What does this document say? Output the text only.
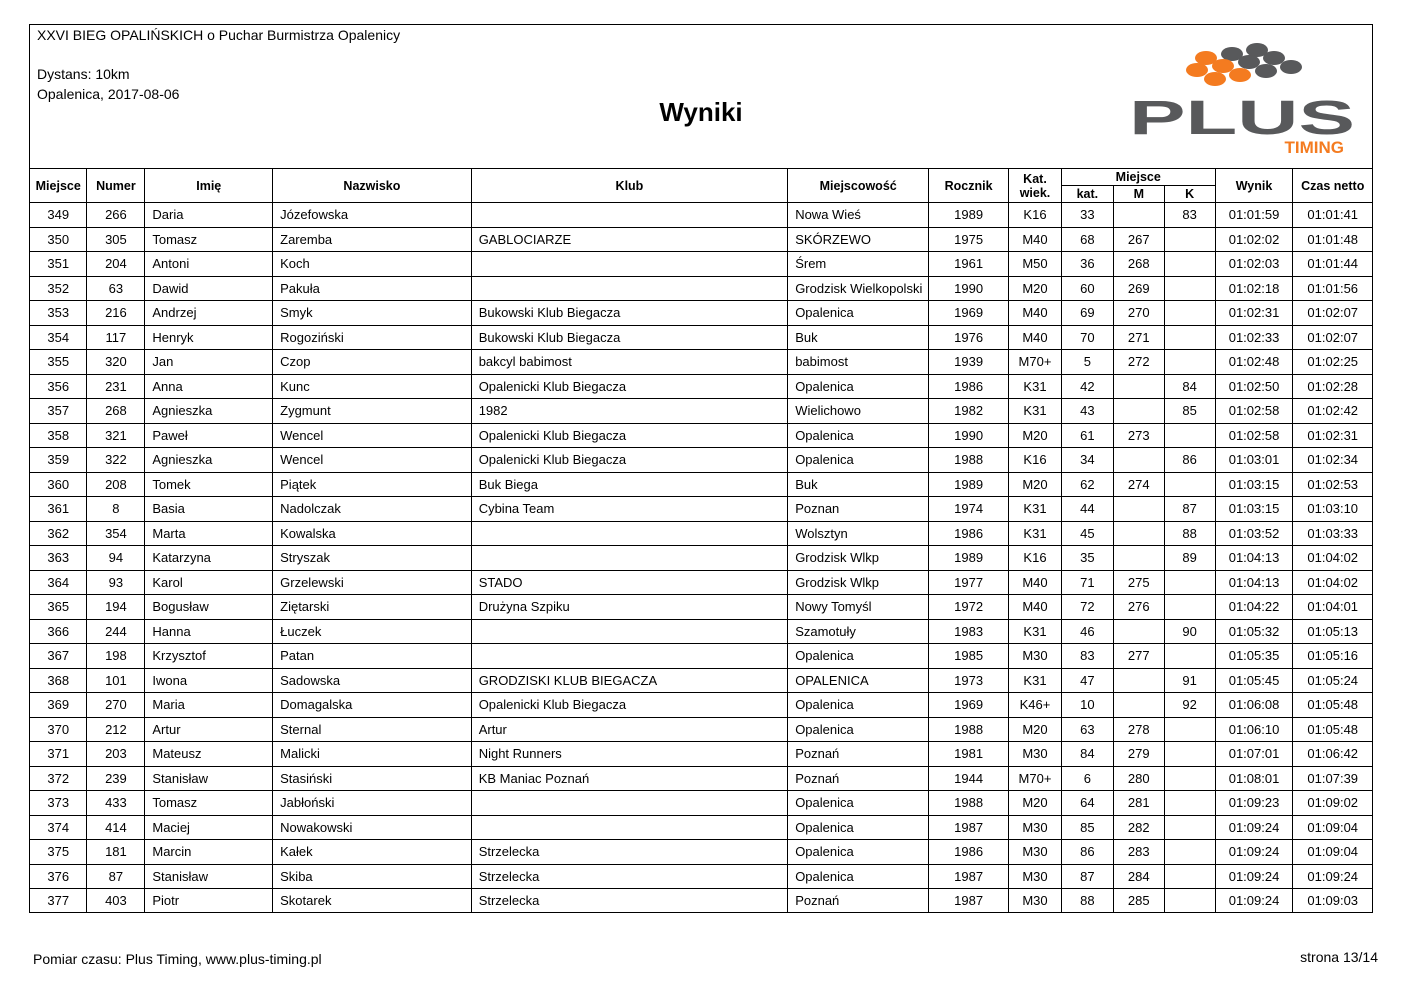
XXVI BIEG OPALIŃSKICH o Puchar Burmistrza Opalenicy
Dystans: 10km
Opalenica, 2017-08-06
Wyniki	PLUS
TIMING
Miejsce	Numer	Imię	Nazwisko	Klub	Miejscowość	Rocznik	Kat. wiek.	Miejsce			Wynik	Czas netto
								kat.	M	K		
349	266	Daria	Józefowska		Nowa Wieś	1989	K16	33		83	01:01:59	01:01:41
350	305	Tomasz	Zaremba	GABLOCIARZE	SKÓRZEWO	1975	M40	68	267		01:02:02	01:01:48
351	204	Antoni	Koch		Śrem	1961	M50	36	268		01:02:03	01:01:44
352	63	Dawid	Pakuła		Grodzisk Wielkopolski	1990	M20	60	269		01:02:18	01:01:56
353	216	Andrzej	Smyk	Bukowski Klub Biegacza	Opalenica	1969	M40	69	270		01:02:31	01:02:07
354	117	Henryk	Rogoziński	Bukowski Klub Biegacza	Buk	1976	M40	70	271		01:02:33	01:02:07
355	320	Jan	Czop	bakcyl babimost	babimost	1939	M70+	5	272		01:02:48	01:02:25
356	231	Anna	Kunc	Opalenicki Klub Biegacza	Opalenica	1986	K31	42		84	01:02:50	01:02:28
357	268	Agnieszka	Zygmunt	1982	Wielichowo	1982	K31	43		85	01:02:58	01:02:42
358	321	Paweł	Wencel	Opalenicki Klub Biegacza	Opalenica	1990	M20	61	273		01:02:58	01:02:31
359	322	Agnieszka	Wencel	Opalenicki Klub Biegacza	Opalenica	1988	K16	34		86	01:03:01	01:02:34
360	208	Tomek	Piątek	Buk Biega	Buk	1989	M20	62	274		01:03:15	01:02:53
361	8	Basia	Nadolczak	Cybina Team	Poznan	1974	K31	44		87	01:03:15	01:03:10
362	354	Marta	Kowalska		Wolsztyn	1986	K31	45		88	01:03:52	01:03:33
363	94	Katarzyna	Stryszak		Grodzisk Wlkp	1989	K16	35		89	01:04:13	01:04:02
364	93	Karol	Grzelewski	STADO	Grodzisk Wlkp	1977	M40	71	275		01:04:13	01:04:02
365	194	Bogusław	Ziętarski	Drużyna Szpiku	Nowy Tomyśl	1972	M40	72	276		01:04:22	01:04:01
366	244	Hanna	Łuczek		Szamotuły	1983	K31	46		90	01:05:32	01:05:13
367	198	Krzysztof	Patan		Opalenica	1985	M30	83	277		01:05:35	01:05:16
368	101	Iwona	Sadowska	GRODZISKI KLUB BIEGACZA	OPALENICA	1973	K31	47		91	01:05:45	01:05:24
369	270	Maria	Domagalska	Opalenicki Klub Biegacza	Opalenica	1969	K46+	10		92	01:06:08	01:05:48
370	212	Artur	Sternal	Artur	Opalenica	1988	M20	63	278		01:06:10	01:05:48
371	203	Mateusz	Malicki	Night Runners	Poznań	1981	M30	84	279		01:07:01	01:06:42
372	239	Stanisław	Stasiński	KB Maniac Poznań	Poznań	1944	M70+	6	280		01:08:01	01:07:39
373	433	Tomasz	Jabłoński		Opalenica	1988	M20	64	281		01:09:23	01:09:02
374	414	Maciej	Nowakowski		Opalenica	1987	M30	85	282		01:09:24	01:09:04
375	181	Marcin	Kałek	Strzelecka	Opalenica	1986	M30	86	283		01:09:24	01:09:04
376	87	Stanisław	Skiba	Strzelecka	Opalenica	1987	M30	87	284		01:09:24	01:09:24
377	403	Piotr	Skotarek	Strzelecka	Poznań	1987	M30	88	285		01:09:24	01:09:03
Pomiar czasu: Plus Timing, www.plus-timing.pl	strona 13/14
